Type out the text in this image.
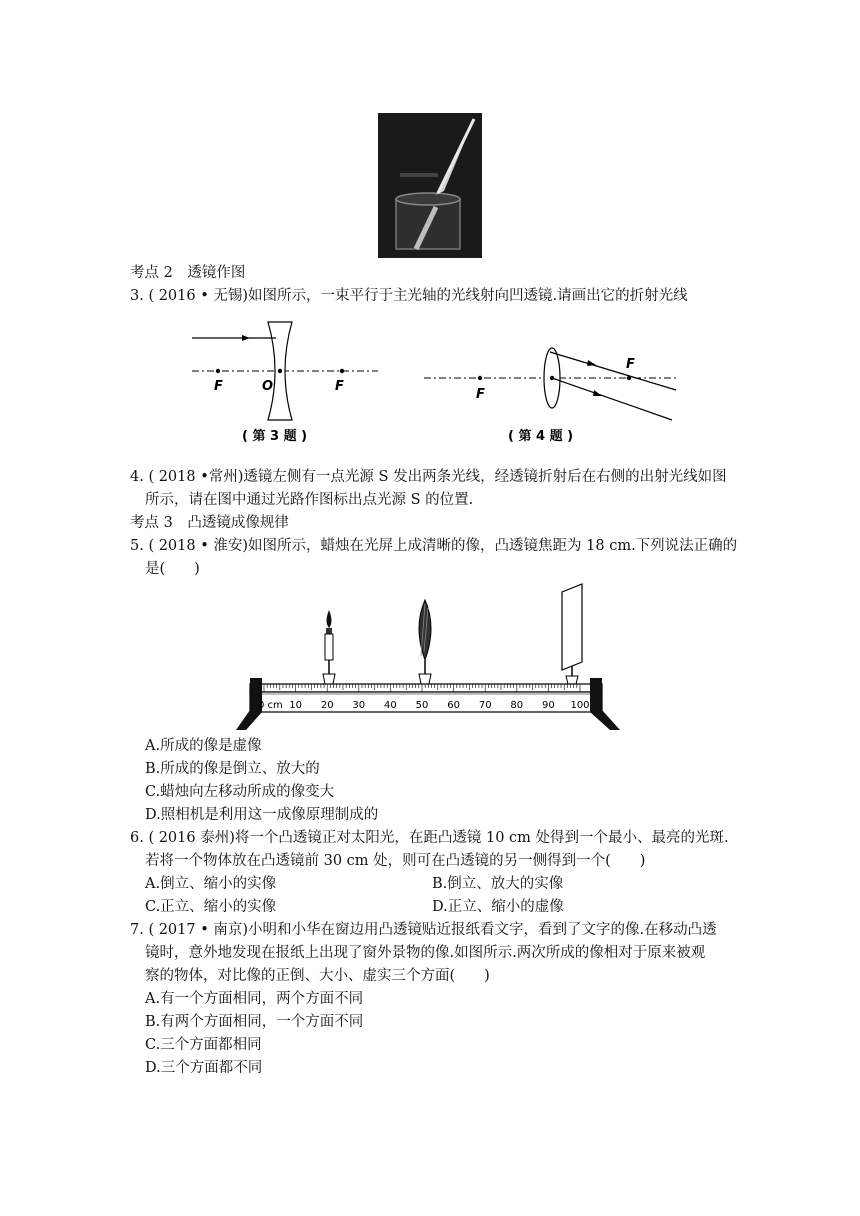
考点 2　透镜作图
3. ( 2016 • 无锡)如图所示，一束平行于主光轴的光线射向凹透镜.请画出它的折射光线
F	O	F
( 第 3 题 )
F
F
( 第 4 题 )
4. ( 2018 •常州)透镜左侧有一点光源 S 发出两条光线，经透镜折射后在右侧的出射光线如图
所示，请在图中通过光路作图标出点光源 S 的位置.
考点 3　凸透镜成像规律
5. ( 2018 • 淮安)如图所示，蜡烛在光屏上成清晰的像，凸透镜焦距为 18 cm.下列说法正确的
是(　　)
0 cm 10 20 30 40 50 60 70 80 90 100
A.所成的像是虚像
B.所成的像是倒立、放大的
C.蜡烛向左移动所成的像变大
D.照相机是利用这一成像原理制成的
6. ( 2016 泰州)将一个凸透镜正对太阳光，在距凸透镜 10 cm 处得到一个最小、最亮的光斑.
若将一个物体放在凸透镜前 30 cm 处，则可在凸透镜的另一侧得到一个(　　)
A.倒立、缩小的实像	B.倒立、放大的实像
C.正立、缩小的实像	D.正立、缩小的虚像
7. ( 2017 • 南京)小明和小华在窗边用凸透镜贴近报纸看文字，看到了文字的像.在移动凸透
镜时，意外地发现在报纸上出现了窗外景物的像.如图所示.两次所成的像相对于原来被观
察的物体，对比像的正倒、大小、虚实三个方面(　　)
A.有一个方面相同，两个方面不同
B.有两个方面相同，一个方面不同
C.三个方面都相同
D.三个方面都不同
